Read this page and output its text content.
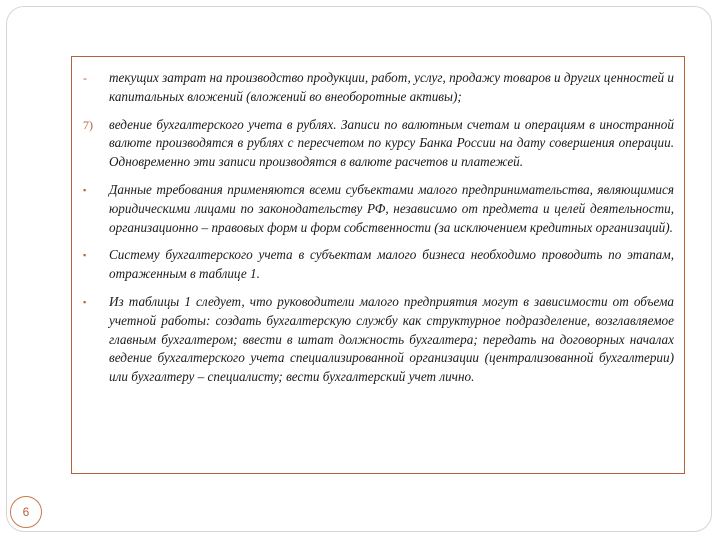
-	текущих затрат на производство продукции, работ, услуг, продажу товаров и других ценностей и капитальных вложений (вложений во внеоборотные активы);
7)	ведение бухгалтерского учета в рублях. Записи по валютным счетам и операциям в иностранной валюте производятся в рублях с пересчетом по курсу Банка России на дату совершения операции. Одновременно эти записи производятся в валюте расчетов и платежей.
▪	Данные требования применяются всеми субъектами малого предпринимательства, являющимися юридическими лицами по законодательству РФ, независимо от предмета и целей деятельности, организационно – правовых форм и форм собственности (за исключением кредитных организаций).
▪	Систему бухгалтерского учета в субъектам малого бизнеса необходимо проводить по этапам, отраженным в таблице 1.
▪	Из таблицы 1 следует, что руководители малого предприятия могут в зависимости от объема учетной работы: создать бухгалтерскую службу как структурное подразделение, возглавляемое главным бухгалтером; ввести в штат должность бухгалтера; передать на договорных началах ведение бухгалтерского учета специализированной организации (централизованной бухгалтерии) или бухгалтеру – специалисту; вести бухгалтерский учет лично.
6
